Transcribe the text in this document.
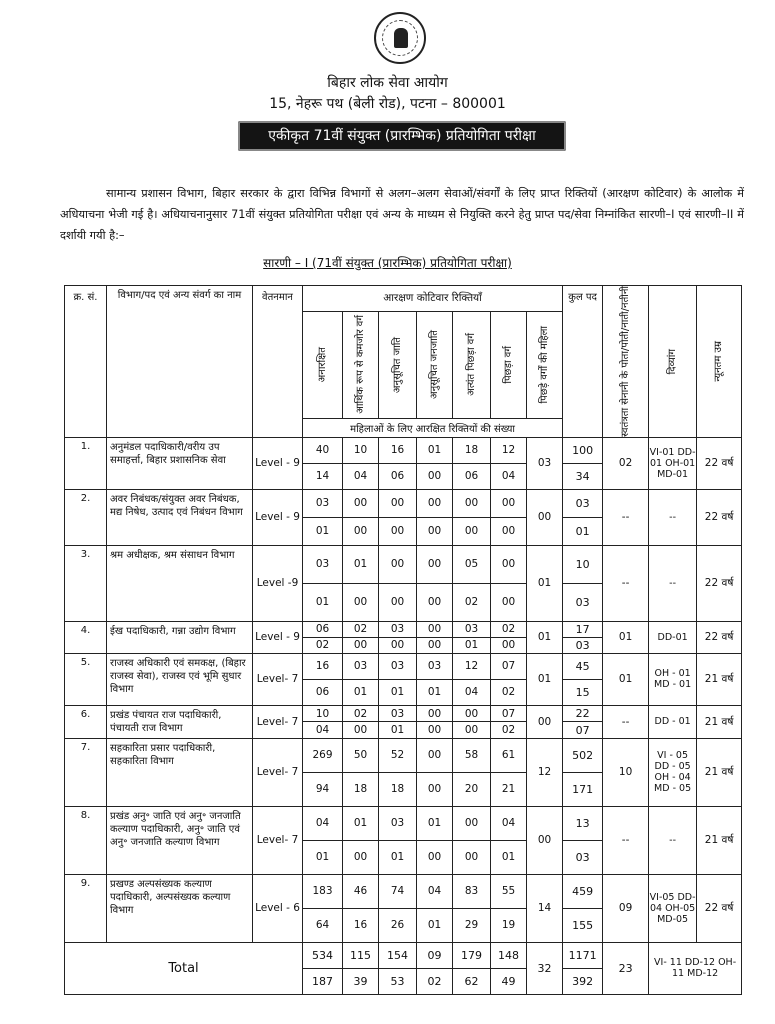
बिहार लोक सेवा आयोग
15, नेहरू पथ (बेली रोड), पटना – 800001
एकीकृत 71वीं संयुक्त (प्रारम्भिक) प्रतियोगिता परीक्षा
सामान्य प्रशासन विभाग, बिहार सरकार के द्वारा विभिन्न विभागों से अलग–अलग सेवाओं/संवर्गों के लिए प्राप्त रिक्तियों (आरक्षण कोटिवार) के आलोक में अधियाचना भेजी गई है। अधियाचनानुसार 71वीं संयुक्त प्रतियोगिता परीक्षा एवं अन्य के माध्यम से नियुक्ति करने हेतु प्राप्त पद/सेवा निम्नांकित सारणी–I एवं सारणी–II में दर्शायी गयी है:–
सारणी – I (71वीं संयुक्त (प्रारम्भिक) प्रतियोगिता परीक्षा)
क्र. सं.	विभाग/पद एवं अन्य संवर्ग का नाम	वेतनमान	आरक्षण कोटिवार रिक्तियाँ							कुल पद	स्वतंत्रता सेनानी के पोता/पोती/नाती/नतीनी	दिव्यांग	न्यूनतम उम्र

			अनारक्षित	आर्थिक रूप से कमजोर वर्ग	अनुसूचित जाति	अनुसूचित जनजाति	अत्यंत पिछड़ा वर्ग	पिछड़ा वर्ग	पिछड़े वर्गों की महिला				

			महिलाओं के लिए आरक्षित रिक्तियों की संख्या										
1.	अनुमंडल पदाधिकारी/वरीय उप समाहर्त्ता, बिहार प्रशासनिक सेवा	Level - 9	40	10	16	01	18	12	03	100	02	VI-01 DD-01 OH-01 MD-01	22 वर्ष
			14	04	06	00	06	04		34			
2.	अवर निबंधक/संयुक्त अवर निबंधक, मद्य निषेध, उत्पाद एवं निबंधन विभाग	Level - 9	03	00	00	00	00	00	00	03	--	--	22 वर्ष
			01	00	00	00	00	00		01			
3.	श्रम अधीक्षक, श्रम संसाधन विभाग	Level -9	03	01	00	00	05	00	01	10	--	--	22 वर्ष
			01	00	00	00	02	00		03			
4.	ईख पदाधिकारी, गन्ना उद्योग विभाग	Level - 9	06	02	03	00	03	02	01	17	01	DD-01	22 वर्ष
			02	00	00	00	01	00		03			
5.	राजस्व अधिकारी एवं समकक्ष, (बिहार राजस्व सेवा), राजस्व एवं भूमि सुधार विभाग	Level- 7	16	03	03	03	12	07	01	45	01	OH - 01 MD - 01	21 वर्ष
			06	01	01	01	04	02		15			
6.	प्रखंड पंचायत राज पदाधिकारी, पंचायती राज विभाग	Level- 7	10	02	03	00	00	07	00	22	--	DD - 01	21 वर्ष
			04	00	01	00	00	02		07			
7.	सहकारिता प्रसार पदाधिकारी, सहकारिता विभाग	Level- 7	269	50	52	00	58	61	12	502	10	VI - 05 DD - 05 OH - 04 MD - 05	21 वर्ष
			94	18	18	00	20	21		171			
8.	प्रखंड अनु॰ जाति एवं अनु॰ जनजाति कल्याण पदाधिकारी, अनु॰ जाति एवं अनु॰ जनजाति कल्याण विभाग	Level- 7	04	01	03	01	00	04	00	13	--	--	21 वर्ष
			01	00	01	00	00	01		03			
9.	प्रखण्ड अल्पसंख्यक कल्याण पदाधिकारी, अल्पसंख्यक कल्याण विभाग	Level - 6	183	46	74	04	83	55	14	459	09	VI-05 DD-04 OH-05 MD-05	22 वर्ष
			64	16	26	01	29	19		155			
Total			534	115	154	09	179	148	32	1171	23	VI- 11 DD-12 OH-11 MD-12	
			187	39	53	02	62	49		392			
